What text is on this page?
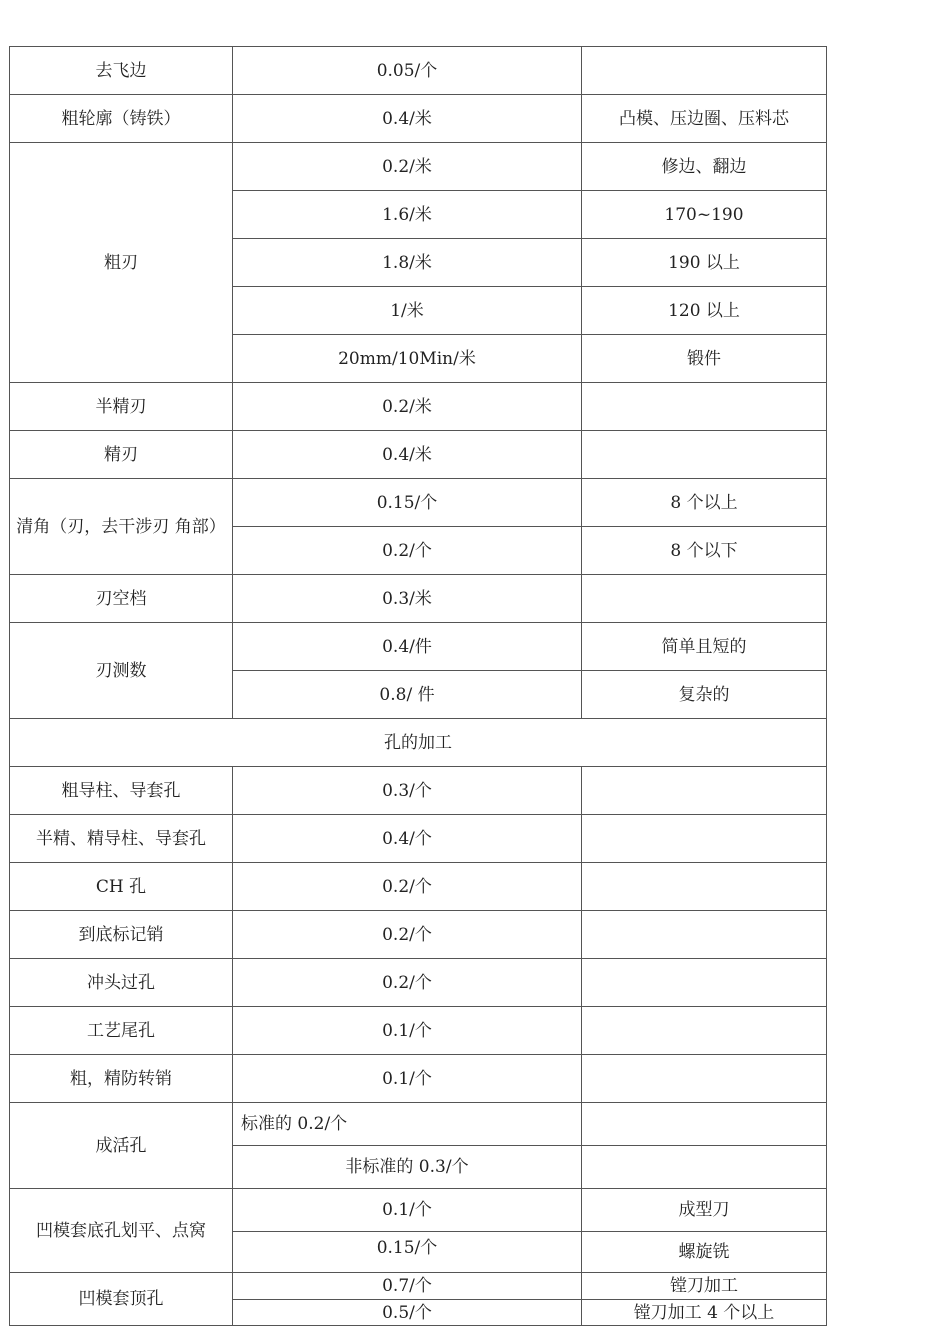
去飞边	0.05/个	
粗轮廓（铸铁）	0.4/米	凸模、压边圈、压料芯
粗刃	0.2/米	修边、翻边
	1.6/米	170~190
	1.8/米	190 以上
	1/米	120 以上
	20mm/10Min/米	锻件
半精刃	0.2/米	
精刃	0.4/米	
清角（刃，去干涉刃 角部）	0.15/个	8 个以上
	0.2/个	8 个以下
刃空档	0.3/米	
刃测数	0.4/件	简单且短的
	0.8/ 件	复杂的
孔的加工		
粗导柱、导套孔	0.3/个	
半精、精导柱、导套孔	0.4/个	
CH 孔	0.2/个	
到底标记销	0.2/个	
冲头过孔	0.2/个	
工艺尾孔	0.1/个	
粗，精防转销	0.1/个	
成活孔	标准的 0.2/个	
	非标准的 0.3/个	
凹模套底孔划平、点窝	0.1/个	成型刀
	0.15/个	螺旋铣
凹模套顶孔	0.7/个	镗刀加工
	0.5/个	镗刀加工 4 个以上
